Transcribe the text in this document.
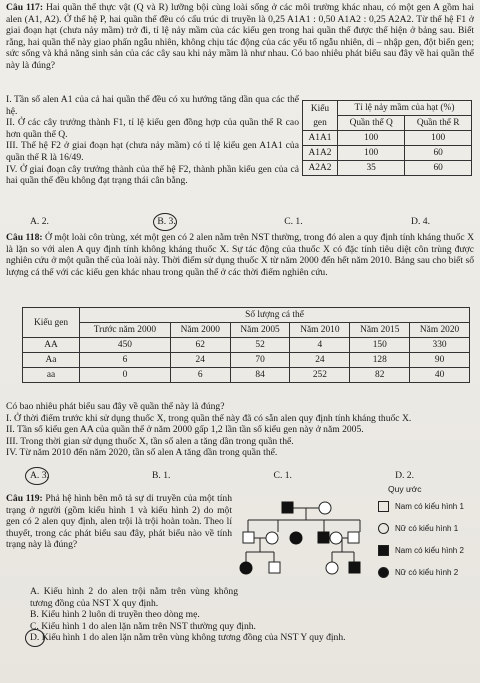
Câu 117: Hai quần thể thực vật (Q và R) lưỡng bội cùng loài sống ở các môi trường khác nhau, có một gen A gồm hai alen (A1, A2). Ở thế hệ P, hai quần thể đều có cấu trúc di truyền là 0,25 A1A1 : 0,50 A1A2 : 0,25 A2A2. Từ thế hệ F1 ở giai đoạn hạt (chưa nảy mầm) trở đi, tỉ lệ nảy mầm của các kiểu gen trong hai quần thể được thể hiện ở bảng sau. Biết rằng, hai quần thể này giao phấn ngẫu nhiên, không chịu tác động của các yếu tố ngẫu nhiên, di – nhập gen, đột biến gen; sức sống và khả năng sinh sản của các cây sau khi nảy mầm là như nhau. Có bao nhiêu phát biểu sau đây về hai quần thể này là đúng?

I. Tần số alen A1 của cả hai quần thể đều có xu hướng tăng dần qua các thế hệ.

II. Ở các cây trưởng thành F1, tỉ lệ kiểu gen đồng hợp của quần thể R cao hơn quần thể Q.

III. Thế hệ F2 ở giai đoạn hạt (chưa nảy mầm) có tỉ lệ kiểu gen A1A1 của quần thể R là 16/49.

IV. Ở giai đoạn cây trưởng thành của thế hệ F2, thành phần kiểu gen của cả hai quần thể đều không đạt trạng thái cân bằng.

Kiểu gen	Tỉ lệ nảy mầm của hạt (%)	
	Quần thể Q	Quần thể R
A1A1	100	100
A1A2	100	60
A2A2	35	60
A. 2.	B. 3.	C. 1.	D. 4.

Câu 118: Ở một loài côn trùng, xét một gen có 2 alen nằm trên NST thường, trong đó alen a quy định tính kháng thuốc X là lặn so với alen A quy định tính không kháng thuốc X. Sự tác động của thuốc X có đặc tính tiêu diệt côn trùng được nghiên cứu ở một quần thể của loài này. Thời điểm sử dụng thuốc X từ năm 2000 đến hết năm 2010. Bảng sau cho biết số lượng cá thể với các kiểu gen khác nhau trong quần thể ở các thời điểm nghiên cứu.

Kiểu gen	Số lượng cá thể					
	Trước năm 2000	Năm 2000	Năm 2005	Năm 2010	Năm 2015	Năm 2020
AA	450	62	52	4	150	330
Aa	6	24	70	24	128	90
aa	0	6	84	252	82	40

Có bao nhiêu phát biểu sau đây về quần thể này là đúng?

I. Ở thời điểm trước khi sử dụng thuốc X, trong quần thể này đã có sẵn alen quy định tính kháng thuốc X.

II. Tần số kiểu gen AA của quần thể ở năm 2000 gấp 1,2 lần tần số kiểu gen này ở năm 2005.

III. Trong thời gian sử dụng thuốc X, tần số alen a tăng dần trong quần thể.

IV. Từ năm 2010 đến năm 2020, tần số alen A tăng dần trong quần thể.

A. 3.	B. 1.	C. 1.	D. 2.

Câu 119: Phả hệ hình bên mô tả sự di truyền của một tính trạng ở người (gồm kiểu hình 1 và kiểu hình 2) do một gen có 2 alen quy định, alen trội là trội hoàn toàn. Theo lí thuyết, trong các phát biểu sau đây, phát biểu nào về tính trạng này là đúng?

Quy ước
Nam có kiểu hình 1
Nữ có kiểu hình 1
Nam có kiểu hình 2
Nữ có kiểu hình 2

A. Kiểu hình 2 do alen trội nằm trên vùng không tương đồng của NST X quy định.

B. Kiểu hình 2 luôn di truyền theo dòng mẹ.

C. Kiểu hình 1 do alen lặn nằm trên NST thường quy định.

D. Kiểu hình 1 do alen lặn nằm trên vùng không tương đồng của NST Y quy định.
